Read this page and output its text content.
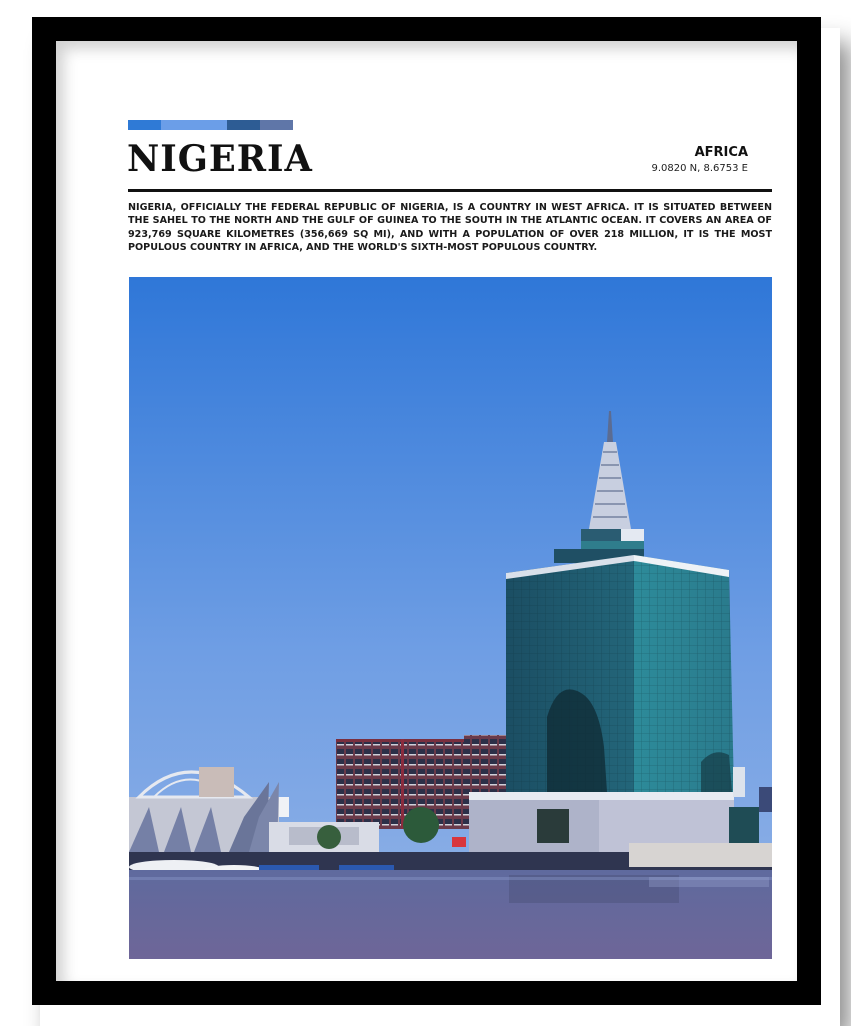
NIGERIA	AFRICA
9.0820 N, 8.6753 E

NIGERIA, OFFICIALLY THE FEDERAL REPUBLIC OF NIGERIA, IS A COUNTRY IN WEST AFRICA. IT IS SITUATED BETWEEN THE SAHEL TO THE NORTH AND THE GULF OF GUINEA TO THE SOUTH IN THE ATLANTIC OCEAN. IT COVERS AN AREA OF 923,769 SQUARE KILOMETRES (356,669 SQ MI), AND WITH A POPULATION OF OVER 218 MILLION, IT IS THE MOST POPULOUS COUNTRY IN AFRICA, AND THE WORLD'S SIXTH-MOST POPULOUS COUNTRY.
